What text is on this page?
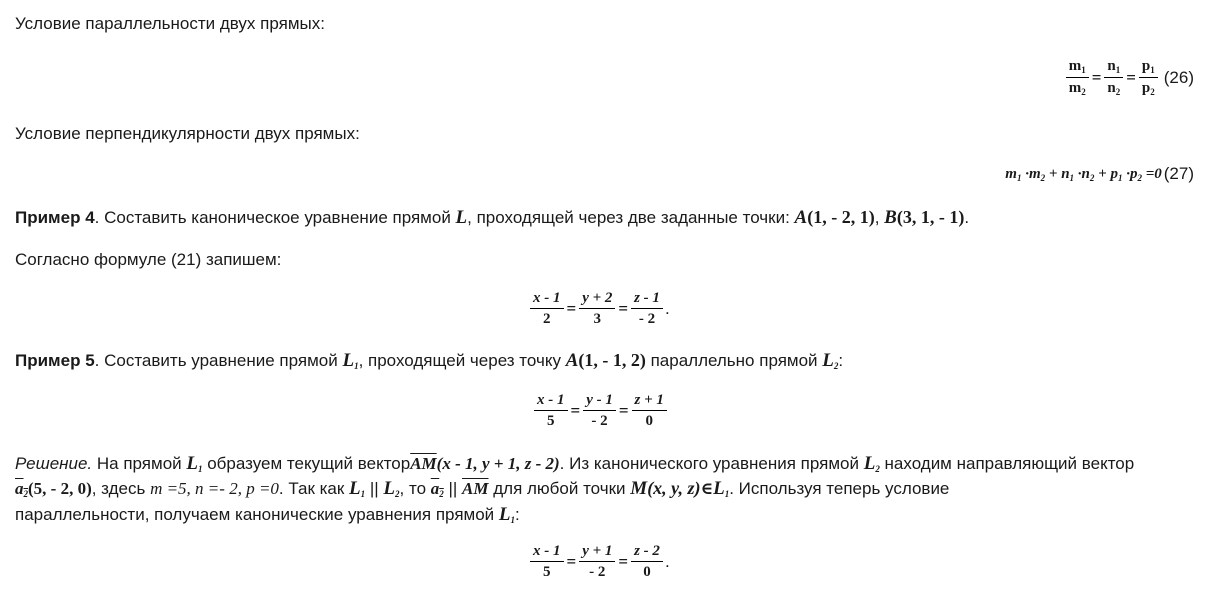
Условие параллельности двух прямых:
$\frac{m_1}{m_2} = \frac{n_1}{n_2} = \frac{p_1}{p_2} (26)$
Условие перпендикулярности двух прямых:
$m_1 \cdot m_2 + n_1 \cdot n_2 + p_1 \cdot p_2 =0$ (27)
Пример 4. Составить каноническое уравнение прямой L, проходящей через две заданные точки: A(1, - 2, 1), B(3, 1, - 1).
Согласно формуле (21) запишем:
$\frac{x - 1}{2} = \frac{y + 2}{3} = \frac{z - 1}{- 2}$ .
Пример 5. Составить уравнение прямой $L_1$, проходящей через точку A(1, - 1, 2) параллельно прямой $L_2$:
$\frac{x - 1}{5} = \frac{y - 1}{- 2} = \frac{z + 1}{0}$
Решение. На прямой $L_1$ образуем текущий $вектор\overline{AM}(x - 1$, y + 1, z - 2). Из канонического уравнения прямой $L_2$ находим направляющий вектор
$a_2(5$, - 2, 0), здесь m =5, n =- 2, p =0. Так как $L_1$ || $L_2$, то $a_2$ || $\overline{AM}$ для любой точки M(x, y, $z)\in L_1$. Используя теперь условие
параллельности, получаем канонические уравнения прямой $L_1$:
$\frac{x - 1}{5} = \frac{y + 1}{- 2} = \frac{z - 2}{0}$ .
